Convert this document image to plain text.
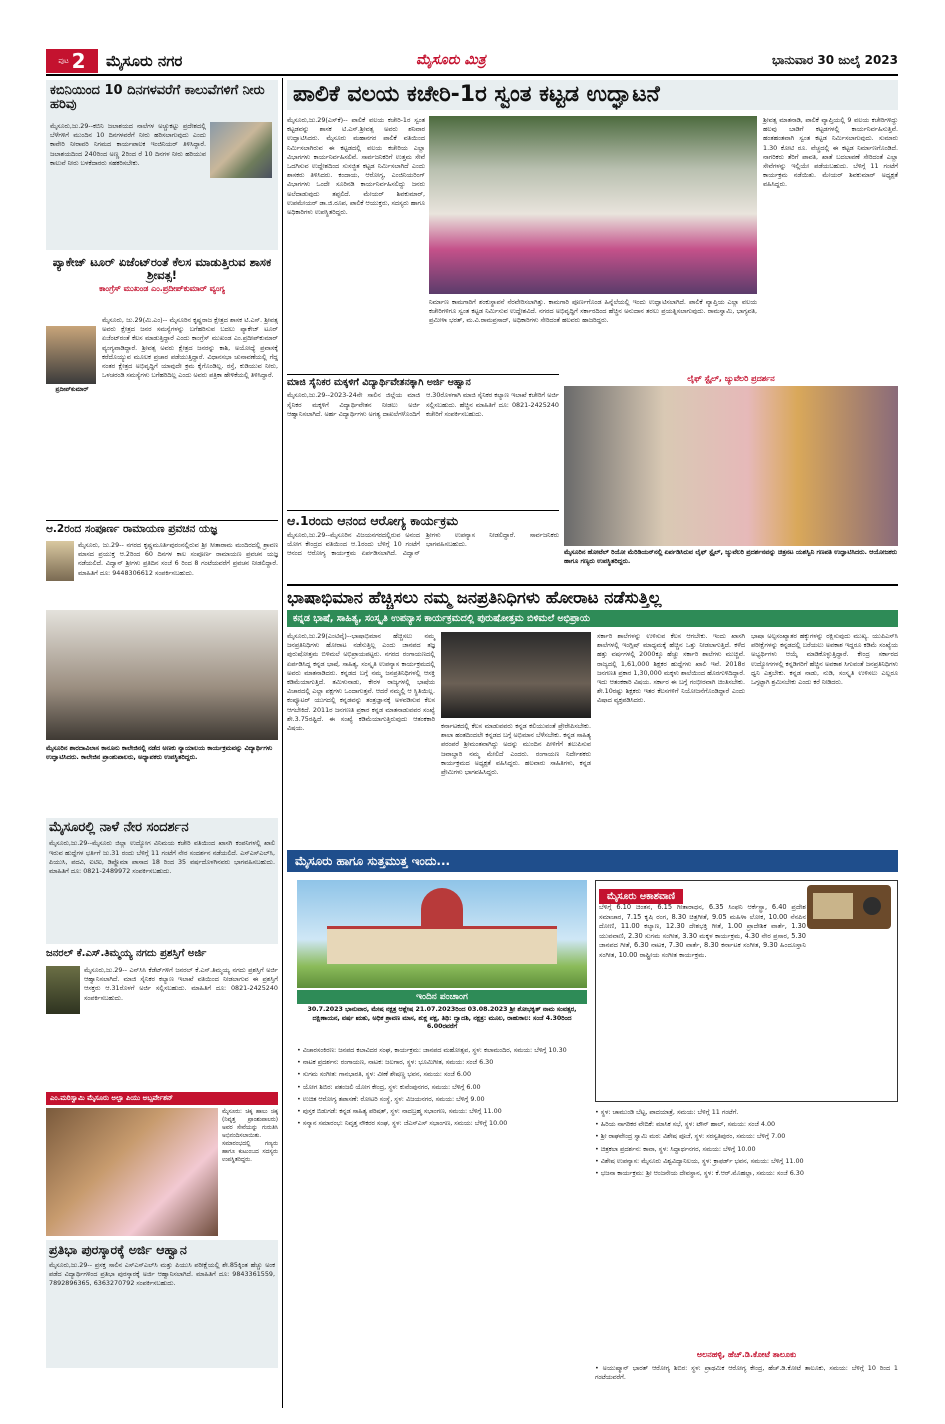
ಪುಟ 2 ಮೈಸೂರು ನಗರ	ಮೈಸೂರು ಮಿತ್ರ	ಭಾನುವಾರ 30 ಜುಲೈ 2023
ಕಬಿನಿಯಿಂದ 10 ದಿನಗಳವರೆಗೆ ಕಾಲುವೆಗಳಿಗೆ ನೀರು ಹರಿವು
ಮೈಸೂರು,ಜು.29--ಕಬಿನಿ ಜಲಾಶಯದ ನಾಲೆಗಳ ಅಚ್ಚುಕಟ್ಟು ಪ್ರದೇಶದಲ್ಲಿ ಬೆಳೆಗಳಿಗೆ ಮುಂದಿನ 10 ದಿನಗಳವರೆಗೆ ನೀರು ಹರಿಸಲಾಗುವುದು ಎಂದು ಕಾವೇರಿ ನೀರಾವರಿ ನಿಗಮದ ಕಾರ್ಯಪಾಲಕ ಇಂಜಿನಿಯರ್ ತಿಳಿಸಿದ್ದಾರೆ. ಜಲಾಶಯದಿಂದ 240ರಿಂದ ಅಣ್ಣ 2ರಿಂದ ರೆ 10 ದಿನಗಳ ನೀರು ಹರಿಯುವ ಕಾಲುವೆ ನೀರು ಬಳಕೆದಾರರು ಸಹಕರಿಸಬೇಕು.
ಪ್ಯಾಕೇಜ್ ಟೂರ್ ಏಜೆಂಟ್‌ರಂತೆ ಕೆಲಸ ಮಾಡುತ್ತಿರುವ ಶಾಸಕ ಶ್ರೀವತ್ಸ!
ಕಾಂಗ್ರೆಸ್ ಮುಖಂಡ ಎಂ.ಪ್ರದೀಪ್‌ಕುಮಾರ್ ವ್ಯಂಗ್ಯ
ಪ್ರದೀಪ್‌ಕುಮಾರ್
ಮೈಸೂರು, ಜು.29(ಮಿ.ಎಂ)-- ಮೈಸೂರಿನ ಕೃಷ್ಣರಾಜ ಕ್ಷೇತ್ರದ ಶಾಸಕ ಟಿ.ಎಸ್. ಶ್ರೀವತ್ಸ ಅವರು ಕ್ಷೇತ್ರದ ಜನರ ಸಮಸ್ಯೆಗಳನ್ನು ಬಗೆಹರಿಸುವ ಬದಲು ಪ್ಯಾಕೇಜ್ ಟೂರ್ ಏಜೆಂಟ್‌ರಂತೆ ಕೆಲಸ ಮಾಡುತ್ತಿದ್ದಾರೆ ಎಂದು ಕಾಂಗ್ರೆಸ್ ಮುಖಂಡ ಎಂ.ಪ್ರದೀಪ್‌ಕುಮಾರ್ ವ್ಯಂಗ್ಯವಾಡಿದ್ದಾರೆ. ಶ್ರೀವತ್ಸ ಅವರು ಕ್ಷೇತ್ರದ ಜನರನ್ನು ಕಾಶಿ, ಅಯೋಧ್ಯೆ ಪ್ರವಾಸಕ್ಕೆ ಕರೆದೊಯ್ಯುವ ಮೂಲಕ ಪ್ರಚಾರ ಪಡೆಯುತ್ತಿದ್ದಾರೆ. ವಿಧಾನಸಭಾ ಚುನಾವಣೆಯಲ್ಲಿ ಗೆದ್ದ ನಂತರ ಕ್ಷೇತ್ರದ ಅಭಿವೃದ್ಧಿಗೆ ಯಾವುದೇ ಕ್ರಮ ಕೈಗೊಂಡಿಲ್ಲ. ರಸ್ತೆ, ಕುಡಿಯುವ ನೀರು, ಒಳಚರಂಡಿ ಸಮಸ್ಯೆಗಳು ಬಗೆಹರಿದಿಲ್ಲ ಎಂದು ಅವರು ಪತ್ರಿಕಾ ಹೇಳಿಕೆಯಲ್ಲಿ ತಿಳಿಸಿದ್ದಾರೆ.
ಆ.2ರಂದ ಸಂಪೂರ್ಣ ರಾಮಾಯಣ ಪ್ರವಚನ ಯಜ್ಞ
ಮೈಸೂರು, ಜು.29-- ನಗರದ ಕೃಷ್ಣಮೂರ್ತಿಪುರಂನಲ್ಲಿರುವ ಶ್ರೀ ಸೀತಾರಾಮ ಮಂದಿರದಲ್ಲಿ ಶ್ರಾವಣ ಮಾಸದ ಪ್ರಯುಕ್ತ ಆ.2ರಿಂದ 60 ದಿನಗಳ ಕಾಲ ಸಂಪೂರ್ಣ ರಾಮಾಯಣ ಪ್ರವಚನ ಯಜ್ಞ ನಡೆಯಲಿದೆ. ವಿದ್ವಾನ್ ಶ್ರೀಗಳು ಪ್ರತಿದಿನ ಸಂಜೆ 6 ರಿಂದ 8 ಗಂಟೆಯವರೆಗೆ ಪ್ರವಚನ ನೀಡಲಿದ್ದಾರೆ. ಮಾಹಿತಿಗೆ ದೂ: 9448306612 ಸಂಪರ್ಕಿಸಬಹುದು.
ಮೈಸೂರಿನ ಶಾರದಾವಿಲಾಸ ಕಾನೂನು ಕಾಲೇಜಿನಲ್ಲಿ ನಡೆದ ಅಣಕು ನ್ಯಾಯಾಲಯ ಕಾರ್ಯಕ್ರಮವನ್ನು ವಿದ್ಯಾರ್ಥಿಗಳು ಉದ್ಘಾಟಿಸಿದರು. ಕಾಲೇಜಿನ ಪ್ರಾಂಶುಪಾಲರು, ಅಧ್ಯಾಪಕರು ಉಪಸ್ಥಿತರಿದ್ದರು.
ಮೈಸೂರಲ್ಲಿ ನಾಳೆ ನೇರ ಸಂದರ್ಶನ
ಮೈಸೂರು,ಜು.29--ಮೈಸೂರು ಜಿಲ್ಲಾ ಉದ್ಯೋಗ ವಿನಿಮಯ ಕಚೇರಿ ವತಿಯಿಂದ ಖಾಸಗಿ ಕಂಪನಿಗಳಲ್ಲಿ ಖಾಲಿ ಇರುವ ಹುದ್ದೆಗಳ ಭರ್ತಿಗೆ ಜು.31 ರಂದು ಬೆಳಿಗ್ಗೆ 11 ಗಂಟೆಗೆ ನೇರ ಸಂದರ್ಶನ ನಡೆಯಲಿದೆ. ಎಸ್ಎಸ್ಎಲ್‌ಸಿ, ಪಿಯುಸಿ, ಪದವಿ, ಐಟಿಐ, ಡಿಪ್ಲೊಮಾ ಪಾಸಾದ 18 ರಿಂದ 35 ವರ್ಷದೊಳಗಿನವರು ಭಾಗವಹಿಸಬಹುದು. ಮಾಹಿತಿಗೆ ದೂ: 0821-2489972 ಸಂಪರ್ಕಿಸಬಹುದು.
ಜನರಲ್ ಕೆ.ಎಸ್.ತಿಮ್ಮಯ್ಯ ನಗದು ಪ್ರಶಸ್ತಿಗೆ ಅರ್ಜಿ
ಮೈಸೂರು,ಜು.29-- ಎನ್‌ಸಿಸಿ ಕೆಡೆಟ್‌ಗಳಿಗೆ ಜನರಲ್ ಕೆ.ಎಸ್.ತಿಮ್ಮಯ್ಯ ನಗದು ಪ್ರಶಸ್ತಿಗೆ ಅರ್ಜಿ ಆಹ್ವಾನಿಸಲಾಗಿದೆ. ಮಾಜಿ ಸೈನಿಕರ ಕಲ್ಯಾಣ ಇಲಾಖೆ ವತಿಯಿಂದ ನೀಡಲಾಗುವ ಈ ಪ್ರಶಸ್ತಿಗೆ ಆಸಕ್ತರು ಆ.31ರೊಳಗೆ ಅರ್ಜಿ ಸಲ್ಲಿಸಬಹುದು. ಮಾಹಿತಿಗೆ ದೂ: 0821-2425240 ಸಂಪರ್ಕಿಸಬಹುದು.
ಎಂ.ಮರಿಸ್ವಾಮಿ ಮೈಸೂರು ಅಲ್ಪಾ ಪಿಯು ಅಬ್ಸರ್ವೇಶನ್
ಮೈಸೂರು: ಚಿಕ್ಕ ಹಾಲು ಚಿಕ್ಕ (ನಿವೃತ್ತ ಪ್ರಾಂಶುಪಾಲರು) ಅವರ ಸೇವೆಯನ್ನು ಗುರುತಿಸಿ ಅಭಿನಂದಿಸಲಾಯಿತು. ಸಮಾರಂಭದಲ್ಲಿ ಗಣ್ಯರು ಹಾಗೂ ಕುಟುಂಬದ ಸದಸ್ಯರು ಉಪಸ್ಥಿತರಿದ್ದರು.
ಪ್ರತಿಭಾ ಪುರಸ್ಕಾರಕ್ಕೆ ಅರ್ಜಿ ಆಹ್ವಾನ
ಮೈಸೂರು,ಜು.29-- ಪ್ರಸಕ್ತ ಸಾಲಿನ ಎಸ್ಎಸ್ಎಲ್‌ಸಿ ಮತ್ತು ಪಿಯುಸಿ ಪರೀಕ್ಷೆಯಲ್ಲಿ ಶೇ.85ಕ್ಕಿಂತ ಹೆಚ್ಚು ಅಂಕ ಪಡೆದ ವಿದ್ಯಾರ್ಥಿಗಳಿಂದ ಪ್ರತಿಭಾ ಪುರಸ್ಕಾರಕ್ಕೆ ಅರ್ಜಿ ಆಹ್ವಾನಿಸಲಾಗಿದೆ. ಮಾಹಿತಿಗೆ ದೂ: 9843361559, 7892896365, 6363270792 ಸಂಪರ್ಕಿಸಬಹುದು.
ಪಾಲಿಕೆ ವಲಯ ಕಚೇರಿ-1ರ ಸ್ವಂತ ಕಟ್ಟಡ ಉದ್ಘಾಟನೆ
ಮೈಸೂರು,ಜು.29(ಎಸ್‌ಕೆ)-- ಪಾಲಿಕೆ ವಲಯ ಕಚೇರಿ-1ರ ಸ್ವಂತ ಕಟ್ಟಡವನ್ನು ಶಾಸಕ ಟಿ.ಎಸ್.ಶ್ರೀವತ್ಸ ಅವರು ಶನಿವಾರ ಉದ್ಘಾಟಿಸಿದರು. ಮೈಸೂರು ಮಹಾನಗರ ಪಾಲಿಕೆ ವತಿಯಿಂದ ನಿರ್ಮಿಸಲಾಗಿರುವ ಈ ಕಟ್ಟಡದಲ್ಲಿ ವಲಯ ಕಚೇರಿಯ ಎಲ್ಲಾ ವಿಭಾಗಗಳು ಕಾರ್ಯನಿರ್ವಹಿಸಲಿವೆ. ಸಾರ್ವಜನಿಕರಿಗೆ ಉತ್ತಮ ಸೇವೆ ಒದಗಿಸುವ ಉದ್ದೇಶದಿಂದ ಸುಸಜ್ಜಿತ ಕಟ್ಟಡ ನಿರ್ಮಿಸಲಾಗಿದೆ ಎಂದು ಶಾಸಕರು ತಿಳಿಸಿದರು. ಕಂದಾಯ, ಆರೋಗ್ಯ, ಎಂಜಿನಿಯರಿಂಗ್ ವಿಭಾಗಗಳು ಒಂದೇ ಸೂರಿನಡಿ ಕಾರ್ಯನಿರ್ವಹಿಸಲಿದ್ದು ಜನರು ಅಲೆದಾಡುವುದು ತಪ್ಪಲಿದೆ. ಮೇಯರ್ ಶಿವಕುಮಾರ್, ಉಪಮೇಯರ್ ಡಾ.ಜಿ.ರೂಪ, ಪಾಲಿಕೆ ಆಯುಕ್ತರು, ಸದಸ್ಯರು ಹಾಗೂ ಅಧಿಕಾರಿಗಳು ಉಪಸ್ಥಿತರಿದ್ದರು.
ನಿರ್ಮಾಣ ಕಾಮಗಾರಿಗೆ ಶಂಕುಸ್ಥಾಪನೆ ನೆರವೇರಿಸಲಾಗಿತ್ತು. ಕಾಮಗಾರಿ ಪೂರ್ಣಗೊಂಡ ಹಿನ್ನೆಲೆಯಲ್ಲಿ ಇಂದು ಉದ್ಘಾಟಿಸಲಾಗಿದೆ. ಪಾಲಿಕೆ ವ್ಯಾಪ್ತಿಯ ಎಲ್ಲಾ ವಲಯ ಕಚೇರಿಗಳಿಗೂ ಸ್ವಂತ ಕಟ್ಟಡ ನಿರ್ಮಿಸುವ ಉದ್ದೇಶವಿದೆ. ನಗರದ ಅಭಿವೃದ್ಧಿಗೆ ಸರ್ಕಾರದಿಂದ ಹೆಚ್ಚಿನ ಅನುದಾನ ತರಲು ಪ್ರಯತ್ನಿಸಲಾಗುವುದು. ರಾಮಸ್ವಾಮಿ, ಭಾಗ್ಯವತಿ, ಪ್ರಮೀಳಾ ಭರತ್, ಮ.ವಿ.ರಾಮಪ್ರಸಾದ್, ಅಧಿಕಾರಿಗಳು ಸೇರಿದಂತೆ ಹಲವರು ಹಾಜರಿದ್ದರು.
ಶ್ರೀವತ್ಸ ಮಾತನಾಡಿ, ಪಾಲಿಕೆ ವ್ಯಾಪ್ತಿಯಲ್ಲಿ 9 ವಲಯ ಕಚೇರಿಗಳಿದ್ದು ಹಲವು ಬಾಡಿಗೆ ಕಟ್ಟಡಗಳಲ್ಲಿ ಕಾರ್ಯನಿರ್ವಹಿಸುತ್ತಿವೆ. ಹಂತಹಂತವಾಗಿ ಸ್ವಂತ ಕಟ್ಟಡ ನಿರ್ಮಿಸಲಾಗುವುದು. ಸುಮಾರು 1.30 ಕೋಟಿ ರೂ. ವೆಚ್ಚದಲ್ಲಿ ಈ ಕಟ್ಟಡ ನಿರ್ಮಾಣಗೊಂಡಿದೆ. ನಾಗರಿಕರು ತೆರಿಗೆ ಪಾವತಿ, ಖಾತೆ ಬದಲಾವಣೆ ಸೇರಿದಂತೆ ಎಲ್ಲಾ ಸೇವೆಗಳನ್ನು ಇಲ್ಲಿಯೇ ಪಡೆಯಬಹುದು. ಬೆಳಿಗ್ಗೆ 11 ಗಂಟೆಗೆ ಕಾರ್ಯಕ್ರಮ ನಡೆಯಿತು. ಮೇಯರ್ ಶಿವಕುಮಾರ್ ಅಧ್ಯಕ್ಷತೆ ವಹಿಸಿದ್ದರು.
ಮಾಜಿ ಸೈನಿಕರ ಮಕ್ಕಳಿಗೆ ವಿದ್ಯಾರ್ಥಿವೇತನಕ್ಕಾಗಿ ಅರ್ಜಿ ಆಹ್ವಾನ
ಮೈಸೂರು,ಜು.29--2023-24ನೇ ಸಾಲಿನ ಜಿಲ್ಲೆಯ ಮಾಜಿ ಸೈನಿಕರ ಮಕ್ಕಳಿಗೆ ವಿದ್ಯಾರ್ಥಿವೇತನ ನೀಡಲು ಅರ್ಜಿ ಆಹ್ವಾನಿಸಲಾಗಿದೆ. ಅರ್ಹ ವಿದ್ಯಾರ್ಥಿಗಳು ಅಗತ್ಯ ದಾಖಲೆಗಳೊಂದಿಗೆ ಆ.30ರೊಳಗಾಗಿ ಮಾಜಿ ಸೈನಿಕರ ಕಲ್ಯಾಣ ಇಲಾಖೆ ಕಚೇರಿಗೆ ಅರ್ಜಿ ಸಲ್ಲಿಸಬಹುದು. ಹೆಚ್ಚಿನ ಮಾಹಿತಿಗೆ ದೂ: 0821-2425240 ಕಚೇರಿಗೆ ಸಂಪರ್ಕಿಸಬಹುದು.
ಆ.1ರಂದು ಆನಂದ ಆರೋಗ್ಯ ಕಾರ್ಯಕ್ರಮ
ಮೈಸೂರು,ಜು.29--ಮೈಸೂರಿನ ವಿಜಯನಗರದಲ್ಲಿರುವ ಅನಂದ ಯೋಗ ಕೇಂದ್ರದ ವತಿಯಿಂದ ಆ.1ರಂದು ಬೆಳಿಗ್ಗೆ 10 ಗಂಟೆಗೆ ಆನಂದ ಆರೋಗ್ಯ ಕಾರ್ಯಕ್ರಮ ಏರ್ಪಡಿಸಲಾಗಿದೆ. ವಿದ್ವಾನ್ ಶ್ರೀಗಳು ಉಪನ್ಯಾಸ ನೀಡಲಿದ್ದಾರೆ. ಸಾರ್ವಜನಿಕರು ಭಾಗವಹಿಸಬಹುದು.
ಲೈಫ್ ಸ್ಟೈಲ್, ಜ್ಯುವೆಲರಿ ಪ್ರದರ್ಶನ
ಮೈಸೂರಿನ ಹೋಟೆಲ್ ರಿಯೋ ಮೆರಿಡಿಯನ್‌ನಲ್ಲಿ ಏರ್ಪಡಿಸಿರುವ ಲೈಫ್ ಸ್ಟೈಲ್, ಜ್ಯುವೆಲರಿ ಪ್ರದರ್ಶನವನ್ನು ಚಿತ್ರನಟ ಯಶಸ್ವಿನಿ ಗಣಪತಿ ಉದ್ಘಾಟಿಸಿದರು. ಆಯೋಜಕರು ಹಾಗೂ ಗಣ್ಯರು ಉಪಸ್ಥಿತರಿದ್ದರು.
ಭಾಷಾಭಿಮಾನ ಹೆಚ್ಚಿಸಲು ನಮ್ಮ ಜನಪ್ರತಿನಿಧಿಗಳು ಹೋರಾಟ ನಡೆಸುತ್ತಿಲ್ಲ
ಕನ್ನಡ ಭಾಷೆ, ಸಾಹಿತ್ಯ, ಸಂಸ್ಕೃತಿ ಉಪನ್ಯಾಸ ಕಾರ್ಯಕ್ರಮದಲ್ಲಿ ಪುರುಷೋತ್ತಮ ಬಿಳಿಮಲೆ ಅಭಿಪ್ರಾಯ
ಮೈಸೂರು,ಜು.29(ಎಂಟಿವೈ)--ಭಾಷಾಭಿಮಾನ ಹೆಚ್ಚಿಸಲು ನಮ್ಮ ಜನಪ್ರತಿನಿಧಿಗಳು ಹೋರಾಟ ನಡೆಸುತ್ತಿಲ್ಲ ಎಂದು ಜಾನಪದ ತಜ್ಞ ಪುರುಷೋತ್ತಮ ಬಿಳಿಮಲೆ ಅಭಿಪ್ರಾಯಪಟ್ಟರು. ನಗರದ ರಂಗಾಯಣದಲ್ಲಿ ಏರ್ಪಡಿಸಿದ್ದ ಕನ್ನಡ ಭಾಷೆ, ಸಾಹಿತ್ಯ, ಸಂಸ್ಕೃತಿ ಉಪನ್ಯಾಸ ಕಾರ್ಯಕ್ರಮದಲ್ಲಿ ಅವರು ಮಾತನಾಡಿದರು. ಕನ್ನಡದ ಬಗ್ಗೆ ನಮ್ಮ ಜನಪ್ರತಿನಿಧಿಗಳಲ್ಲಿ ಆಸಕ್ತಿ ಕಡಿಮೆಯಾಗುತ್ತಿದೆ. ತಮಿಳುನಾಡು, ಕೇರಳ ರಾಜ್ಯಗಳಲ್ಲಿ ಭಾಷೆಯ ವಿಚಾರದಲ್ಲಿ ಎಲ್ಲಾ ಪಕ್ಷಗಳು ಒಂದಾಗುತ್ತವೆ. ಆದರೆ ನಮ್ಮಲ್ಲಿ ಆ ಸ್ಥಿತಿಯಿಲ್ಲ. ಕಂಪ್ಯೂಟರ್ ಯುಗದಲ್ಲಿ ಕನ್ನಡವನ್ನು ತಂತ್ರಜ್ಞಾನಕ್ಕೆ ಅಳವಡಿಸುವ ಕೆಲಸ ಆಗಬೇಕಿದೆ. 2011ರ ಜನಗಣತಿ ಪ್ರಕಾರ ಕನ್ನಡ ಮಾತನಾಡುವವರ ಸಂಖ್ಯೆ ಶೇ.3.75ರಷ್ಟಿದೆ. ಈ ಸಂಖ್ಯೆ ಕಡಿಮೆಯಾಗುತ್ತಿರುವುದು ಆತಂಕಕಾರಿ ವಿಷಯ.	ಕರ್ನಾಟಕದಲ್ಲಿ ಕೆಲಸ ಮಾಡುವವರು ಕನ್ನಡ ಕಲಿಯುವಂತೆ ಪ್ರೇರೇಪಿಸಬೇಕು. ಶಾಲಾ ಹಂತದಿಂದಲೇ ಕನ್ನಡದ ಬಗ್ಗೆ ಅಭಿಮಾನ ಬೆಳೆಸಬೇಕು. ಕನ್ನಡ ಸಾಹಿತ್ಯ ಪರಂಪರೆ ಶ್ರೀಮಂತವಾಗಿದ್ದು ಅದನ್ನು ಮುಂದಿನ ಪೀಳಿಗೆಗೆ ತಲುಪಿಸುವ ಜವಾಬ್ದಾರಿ ನಮ್ಮ ಮೇಲಿದೆ ಎಂದರು. ರಂಗಾಯಣ ನಿರ್ದೇಶಕರು ಕಾರ್ಯಕ್ರಮದ ಅಧ್ಯಕ್ಷತೆ ವಹಿಸಿದ್ದರು. ಹಲವಾರು ಸಾಹಿತಿಗಳು, ಕನ್ನಡ ಪ್ರೇಮಿಗಳು ಭಾಗವಹಿಸಿದ್ದರು.
ಸರ್ಕಾರಿ ಶಾಲೆಗಳನ್ನು ಉಳಿಸುವ ಕೆಲಸ ಆಗಬೇಕು. ಇಂದು ಖಾಸಗಿ ಶಾಲೆಗಳಲ್ಲಿ ಇಂಗ್ಲಿಷ್ ಮಾಧ್ಯಮಕ್ಕೆ ಹೆಚ್ಚಿನ ಒತ್ತು ನೀಡಲಾಗುತ್ತಿದೆ. ಕಳೆದ ಹತ್ತು ವರ್ಷಗಳಲ್ಲಿ 2000ಕ್ಕೂ ಹೆಚ್ಚು ಸರ್ಕಾರಿ ಶಾಲೆಗಳು ಮುಚ್ಚಿವೆ. ರಾಜ್ಯದಲ್ಲಿ 1,61,000 ಶಿಕ್ಷಕರ ಹುದ್ದೆಗಳು ಖಾಲಿ ಇವೆ. 2018ರ ಜನಗಣತಿ ಪ್ರಕಾರ 1,30,000 ಮಕ್ಕಳು ಶಾಲೆಯಿಂದ ಹೊರಗುಳಿದಿದ್ದಾರೆ. ಇದು ಆತಂಕಕಾರಿ ವಿಷಯ. ಸರ್ಕಾರ ಈ ಬಗ್ಗೆ ಗಂಭೀರವಾಗಿ ಚಿಂತಿಸಬೇಕು. ಶೇ.10ರಷ್ಟು ಶಿಕ್ಷಕರು ಇತರ ಕೆಲಸಗಳಿಗೆ ನಿಯೋಜನೆಗೊಂಡಿದ್ದಾರೆ ಎಂದು ವಿಷಾದ ವ್ಯಕ್ತಪಡಿಸಿದರು.
ಭಾಷಾ ಅಲ್ಪಸಂಖ್ಯಾತರ ಹಕ್ಕುಗಳನ್ನು ರಕ್ಷಿಸುವುದು ಮುಖ್ಯ. ಯುಪಿಎಸ್‌ಸಿ ಪರೀಕ್ಷೆಗಳನ್ನು ಕನ್ನಡದಲ್ಲಿ ಬರೆಯಲು ಅವಕಾಶ ಇದ್ದರೂ ಕಡಿಮೆ ಸಂಖ್ಯೆಯ ಅಭ್ಯರ್ಥಿಗಳು ಆಯ್ಕೆ ಮಾಡಿಕೊಳ್ಳುತ್ತಿದ್ದಾರೆ. ಕೇಂದ್ರ ಸರ್ಕಾರದ ಉದ್ಯೋಗಗಳಲ್ಲಿ ಕನ್ನಡಿಗರಿಗೆ ಹೆಚ್ಚಿನ ಅವಕಾಶ ಸಿಗುವಂತೆ ಜನಪ್ರತಿನಿಧಿಗಳು ಧ್ವನಿ ಎತ್ತಬೇಕು. ಕನ್ನಡ ನಾಡು, ನುಡಿ, ಸಂಸ್ಕೃತಿ ಉಳಿಸಲು ಎಲ್ಲರೂ ಒಗ್ಗಟ್ಟಾಗಿ ಶ್ರಮಿಸಬೇಕು ಎಂದು ಕರೆ ನೀಡಿದರು.
ಮೈಸೂರು ಹಾಗೂ ಸುತ್ತಮುತ್ತ ಇಂದು...
ಇಂದಿನ ಪಂಚಾಂಗ
30.7.2023 ಭಾನುವಾರ, ಮೇಷ ನಕ್ಷತ್ರ ಆಶ್ಲೇಷ 21.07.2023ರಿಂದ 03.08.2023 ಶ್ರೀ ಶೋಭಕೃತ್ ನಾಮ ಸಂವತ್ಸರ, ದಕ್ಷಿಣಾಯನ, ವರ್ಷ ಋತು, ಅಧಿಕ ಶ್ರಾವಣ ಮಾಸ, ಶುಕ್ಲ ಪಕ್ಷ, ತಿಥಿ: ದ್ವಾದಶಿ, ನಕ್ಷತ್ರ: ಮೂಲ, ರಾಹುಕಾಲ: ಸಂಜೆ 4.30ರಿಂದ 6.00ರವರೆಗೆ
• ವಿಚಾರಸಂಕಿರಣ: ಜನಪದ ಕಲಾವಿದರ ಸಂಘ, ಕಾರ್ಯಕ್ರಮ: ಜಾನಪದ ಮಹೋತ್ಸವ, ಸ್ಥಳ: ಕಲಾಮಂದಿರ, ಸಮಯ: ಬೆಳಿಗ್ಗೆ 10.30
• ನಾಟಕ ಪ್ರದರ್ಶನ: ರಂಗಾಯಣ, ನಾಟಕ: ಜಲಗಾರ, ಸ್ಥಳ: ಭೂಮಿಗೀತ, ಸಮಯ: ಸಂಜೆ 6.30
• ಸುಗಮ ಸಂಗೀತ: ಗಾನಭಾರತಿ, ಸ್ಥಳ: ವೀಣೆ ಶೇಷಣ್ಣ ಭವನ, ಸಮಯ: ಸಂಜೆ 6.00
• ಯೋಗ ಶಿಬಿರ: ಪತಂಜಲಿ ಯೋಗ ಕೇಂದ್ರ, ಸ್ಥಳ: ಕುವೆಂಪುನಗರ, ಸಮಯ: ಬೆಳಿಗ್ಗೆ 6.00
• ಉಚಿತ ಆರೋಗ್ಯ ತಪಾಸಣೆ: ರೋಟರಿ ಸಂಸ್ಥೆ, ಸ್ಥಳ: ವಿಜಯನಗರ, ಸಮಯ: ಬೆಳಿಗ್ಗೆ 9.00
• ಪುಸ್ತಕ ಬಿಡುಗಡೆ: ಕನ್ನಡ ಸಾಹಿತ್ಯ ಪರಿಷತ್, ಸ್ಥಳ: ನಾದಬ್ರಹ್ಮ ಸಭಾಂಗಣ, ಸಮಯ: ಬೆಳಿಗ್ಗೆ 11.00
• ಸನ್ಮಾನ ಸಮಾರಂಭ: ನಿವೃತ್ತ ನೌಕರರ ಸಂಘ, ಸ್ಥಳ: ಜೆಎಸ್‌ಎಸ್ ಸಭಾಂಗಣ, ಸಮಯ: ಬೆಳಿಗ್ಗೆ 10.00
ಮೈಸೂರು ಆಕಾಶವಾಣಿ
ಬೆಳಿಗ್ಗೆ 6.10 ಚಿಂತನ, 6.15 ಗೀತಾರಾಧನ, 6.35 ಸಿಂಫನಿ ಆರ್ಕೆಸ್ಟ್ರಾ, 6.40 ಪ್ರದೇಶ ಸಮಾಚಾರ, 7.15 ಕೃಷಿ ರಂಗ, 8.30 ಚಿತ್ರಗೀತೆ, 9.05 ಮಹಿಳಾ ಲೋಕ, 10.00 ನೆನಪಿನ ದೋಣಿ, 11.00 ಕಲ್ಯಾಣ, 12.30 ದೇಶಭಕ್ತಿ ಗೀತೆ, 1.00 ಪ್ರಾದೇಶಿಕ ವಾರ್ತೆ, 1.30 ಯುವವಾಣಿ, 2.30 ಸುಗಮ ಸಂಗೀತ, 3.30 ಮಕ್ಕಳ ಕಾರ್ಯಕ್ರಮ, 4.30 ನೇರ ಪ್ರಸಾರ, 5.30 ಜಾನಪದ ಗೀತೆ, 6.30 ನಾಟಕ, 7.30 ವಾರ್ತೆ, 8.30 ಕರ್ನಾಟಕ ಸಂಗೀತ, 9.30 ಹಿಂದೂಸ್ತಾನಿ ಸಂಗೀತ, 10.00 ರಾಷ್ಟ್ರೀಯ ಸಂಗೀತ ಕಾರ್ಯಕ್ರಮ.
• ಸ್ಥಳ: ಚಾಮುಂಡಿ ಬೆಟ್ಟ, ಪಾದಯಾತ್ರೆ, ಸಮಯ: ಬೆಳಿಗ್ಗೆ 11 ಗಂಟೆಗೆ.
• ಹಿರಿಯ ನಾಗರಿಕರ ವೇದಿಕೆ: ಮಾಸಿಕ ಸಭೆ, ಸ್ಥಳ: ಟೌನ್ ಹಾಲ್, ಸಮಯ: ಸಂಜೆ 4.00
• ಶ್ರೀ ರಾಘವೇಂದ್ರ ಸ್ವಾಮಿ ಮಠ: ವಿಶೇಷ ಪೂಜೆ, ಸ್ಥಳ: ಸರಸ್ವತಿಪುರಂ, ಸಮಯ: ಬೆಳಿಗ್ಗೆ 7.00
• ಚಿತ್ರಕಲಾ ಪ್ರದರ್ಶನ: ಕಾವಾ, ಸ್ಥಳ: ಸಿದ್ಧಾರ್ಥನಗರ, ಸಮಯ: ಬೆಳಿಗ್ಗೆ 10.00
• ವಿಶೇಷ ಉಪನ್ಯಾಸ: ಮೈಸೂರು ವಿಶ್ವವಿದ್ಯಾನಿಲಯ, ಸ್ಥಳ: ಕ್ರಾಫರ್ಡ್ ಭವನ, ಸಮಯ: ಬೆಳಿಗ್ಗೆ 11.00
• ಭಜನಾ ಕಾರ್ಯಕ್ರಮ: ಶ್ರೀ ಆಂಜನೇಯ ದೇವಸ್ಥಾನ, ಸ್ಥಳ: ಕೆ.ಆರ್.ಮೊಹಲ್ಲಾ, ಸಮಯ: ಸಂಜೆ 6.30
ಅಲನಹಳ್ಳಿ, ಹೆಚ್.ಡಿ.ಕೋಟೆ ತಾಲೂಕು
• ಅಯುಷ್ಮಾನ್ ಭಾರತ್ ಆರೋಗ್ಯ ಶಿಬಿರ: ಸ್ಥಳ: ಪ್ರಾಥಮಿಕ ಆರೋಗ್ಯ ಕೇಂದ್ರ, ಹೆಚ್.ಡಿ.ಕೋಟೆ ತಾಲೂಕು, ಸಮಯ: ಬೆಳಿಗ್ಗೆ 10 ರಿಂದ 1 ಗಂಟೆಯವರೆಗೆ.
